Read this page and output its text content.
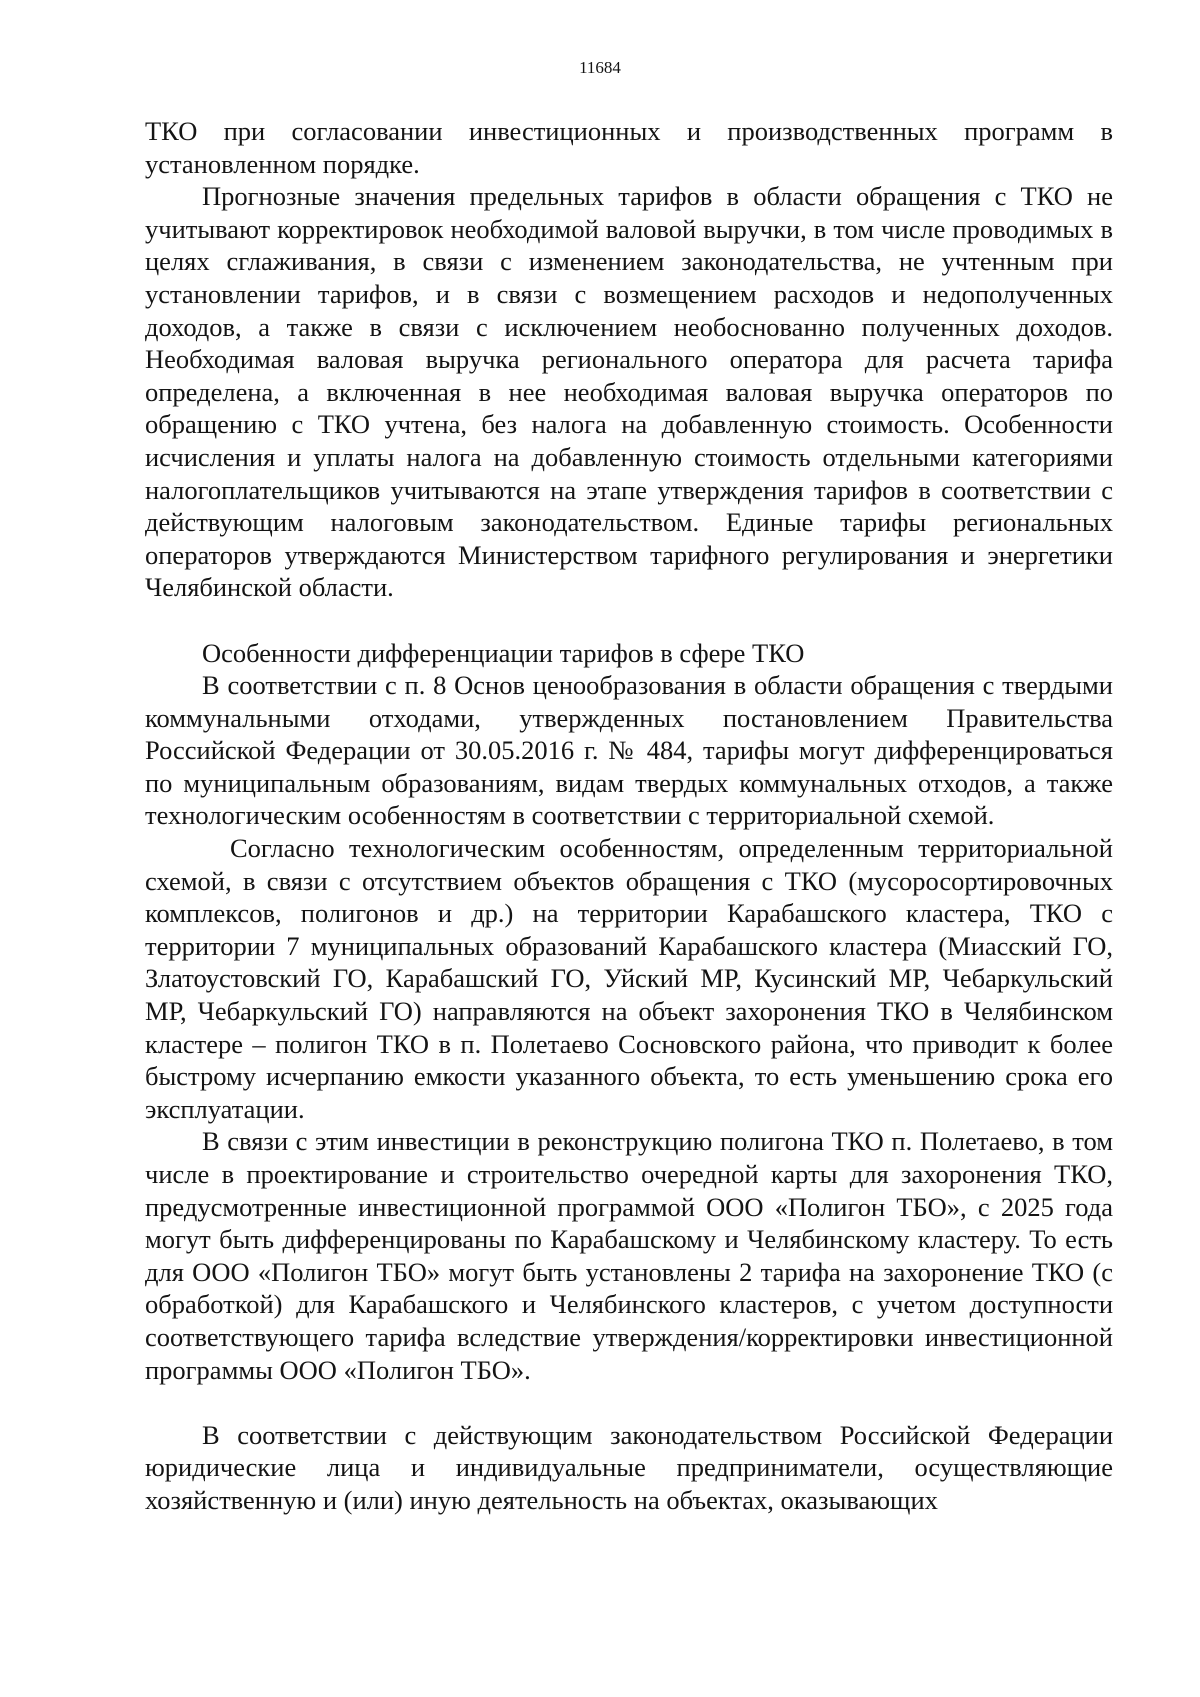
11684

ТКО при согласовании инвестиционных и производственных программ в установленном порядке.

Прогнозные значения предельных тарифов в области обращения с ТКО не учитывают корректировок необходимой валовой выручки, в том числе проводимых в целях сглаживания, в связи с изменением законодательства, не учтенным при установлении тарифов, и в связи с возмещением расходов и недополученных доходов, а также в связи с исключением необоснованно полученных доходов. Необходимая валовая выручка регионального оператора для расчета тарифа определена, а включенная в нее необходимая валовая выручка операторов по обращению с ТКО учтена, без налога на добавленную стоимость. Особенности исчисления и уплаты налога на добавленную стоимость отдельными категориями налогоплательщиков учитываются на этапе утверждения тарифов в соответствии с действующим налоговым законодательством. Единые тарифы региональных операторов утверждаются Министерством тарифного регулирования и энергетики Челябинской области.

Особенности дифференциации тарифов в сфере ТКО

В соответствии с п. 8 Основ ценообразования в области обращения с твердыми коммунальными отходами, утвержденных постановлением Правительства Российской Федерации от 30.05.2016 г. № 484, тарифы могут дифференцироваться по муниципальным образованиям, видам твердых коммунальных отходов, а также технологическим особенностям в соответствии с территориальной схемой.

Согласно технологическим особенностям, определенным территориальной схемой, в связи с отсутствием объектов обращения с ТКО (мусоросортировочных комплексов, полигонов и др.) на территории Карабашского кластера, ТКО с территории 7 муниципальных образований Карабашского кластера (Миасский ГО, Златоустовский ГО, Карабашский ГО, Уйский МР, Кусинский МР, Чебаркульский МР, Чебаркульский ГО) направляются на объект захоронения ТКО в Челябинском кластере – полигон ТКО в п. Полетаево Сосновского района, что приводит к более быстрому исчерпанию емкости указанного объекта, то есть уменьшению срока его эксплуатации.

В связи с этим инвестиции в реконструкцию полигона ТКО п. Полетаево, в том числе в проектирование и строительство очередной карты для захоронения ТКО, предусмотренные инвестиционной программой ООО «Полигон ТБО», с 2025 года могут быть дифференцированы по Карабашскому и Челябинскому кластеру. То есть для ООО «Полигон ТБО» могут быть установлены 2 тарифа на захоронение ТКО (с обработкой) для Карабашского и Челябинского кластеров, с учетом доступности соответствующего тарифа вследствие утверждения/корректировки инвестиционной программы ООО «Полигон ТБО».

В соответствии с действующим законодательством Российской Федерации юридические лица и индивидуальные предприниматели, осуществляющие хозяйственную и (или) иную деятельность на объектах, оказывающих
